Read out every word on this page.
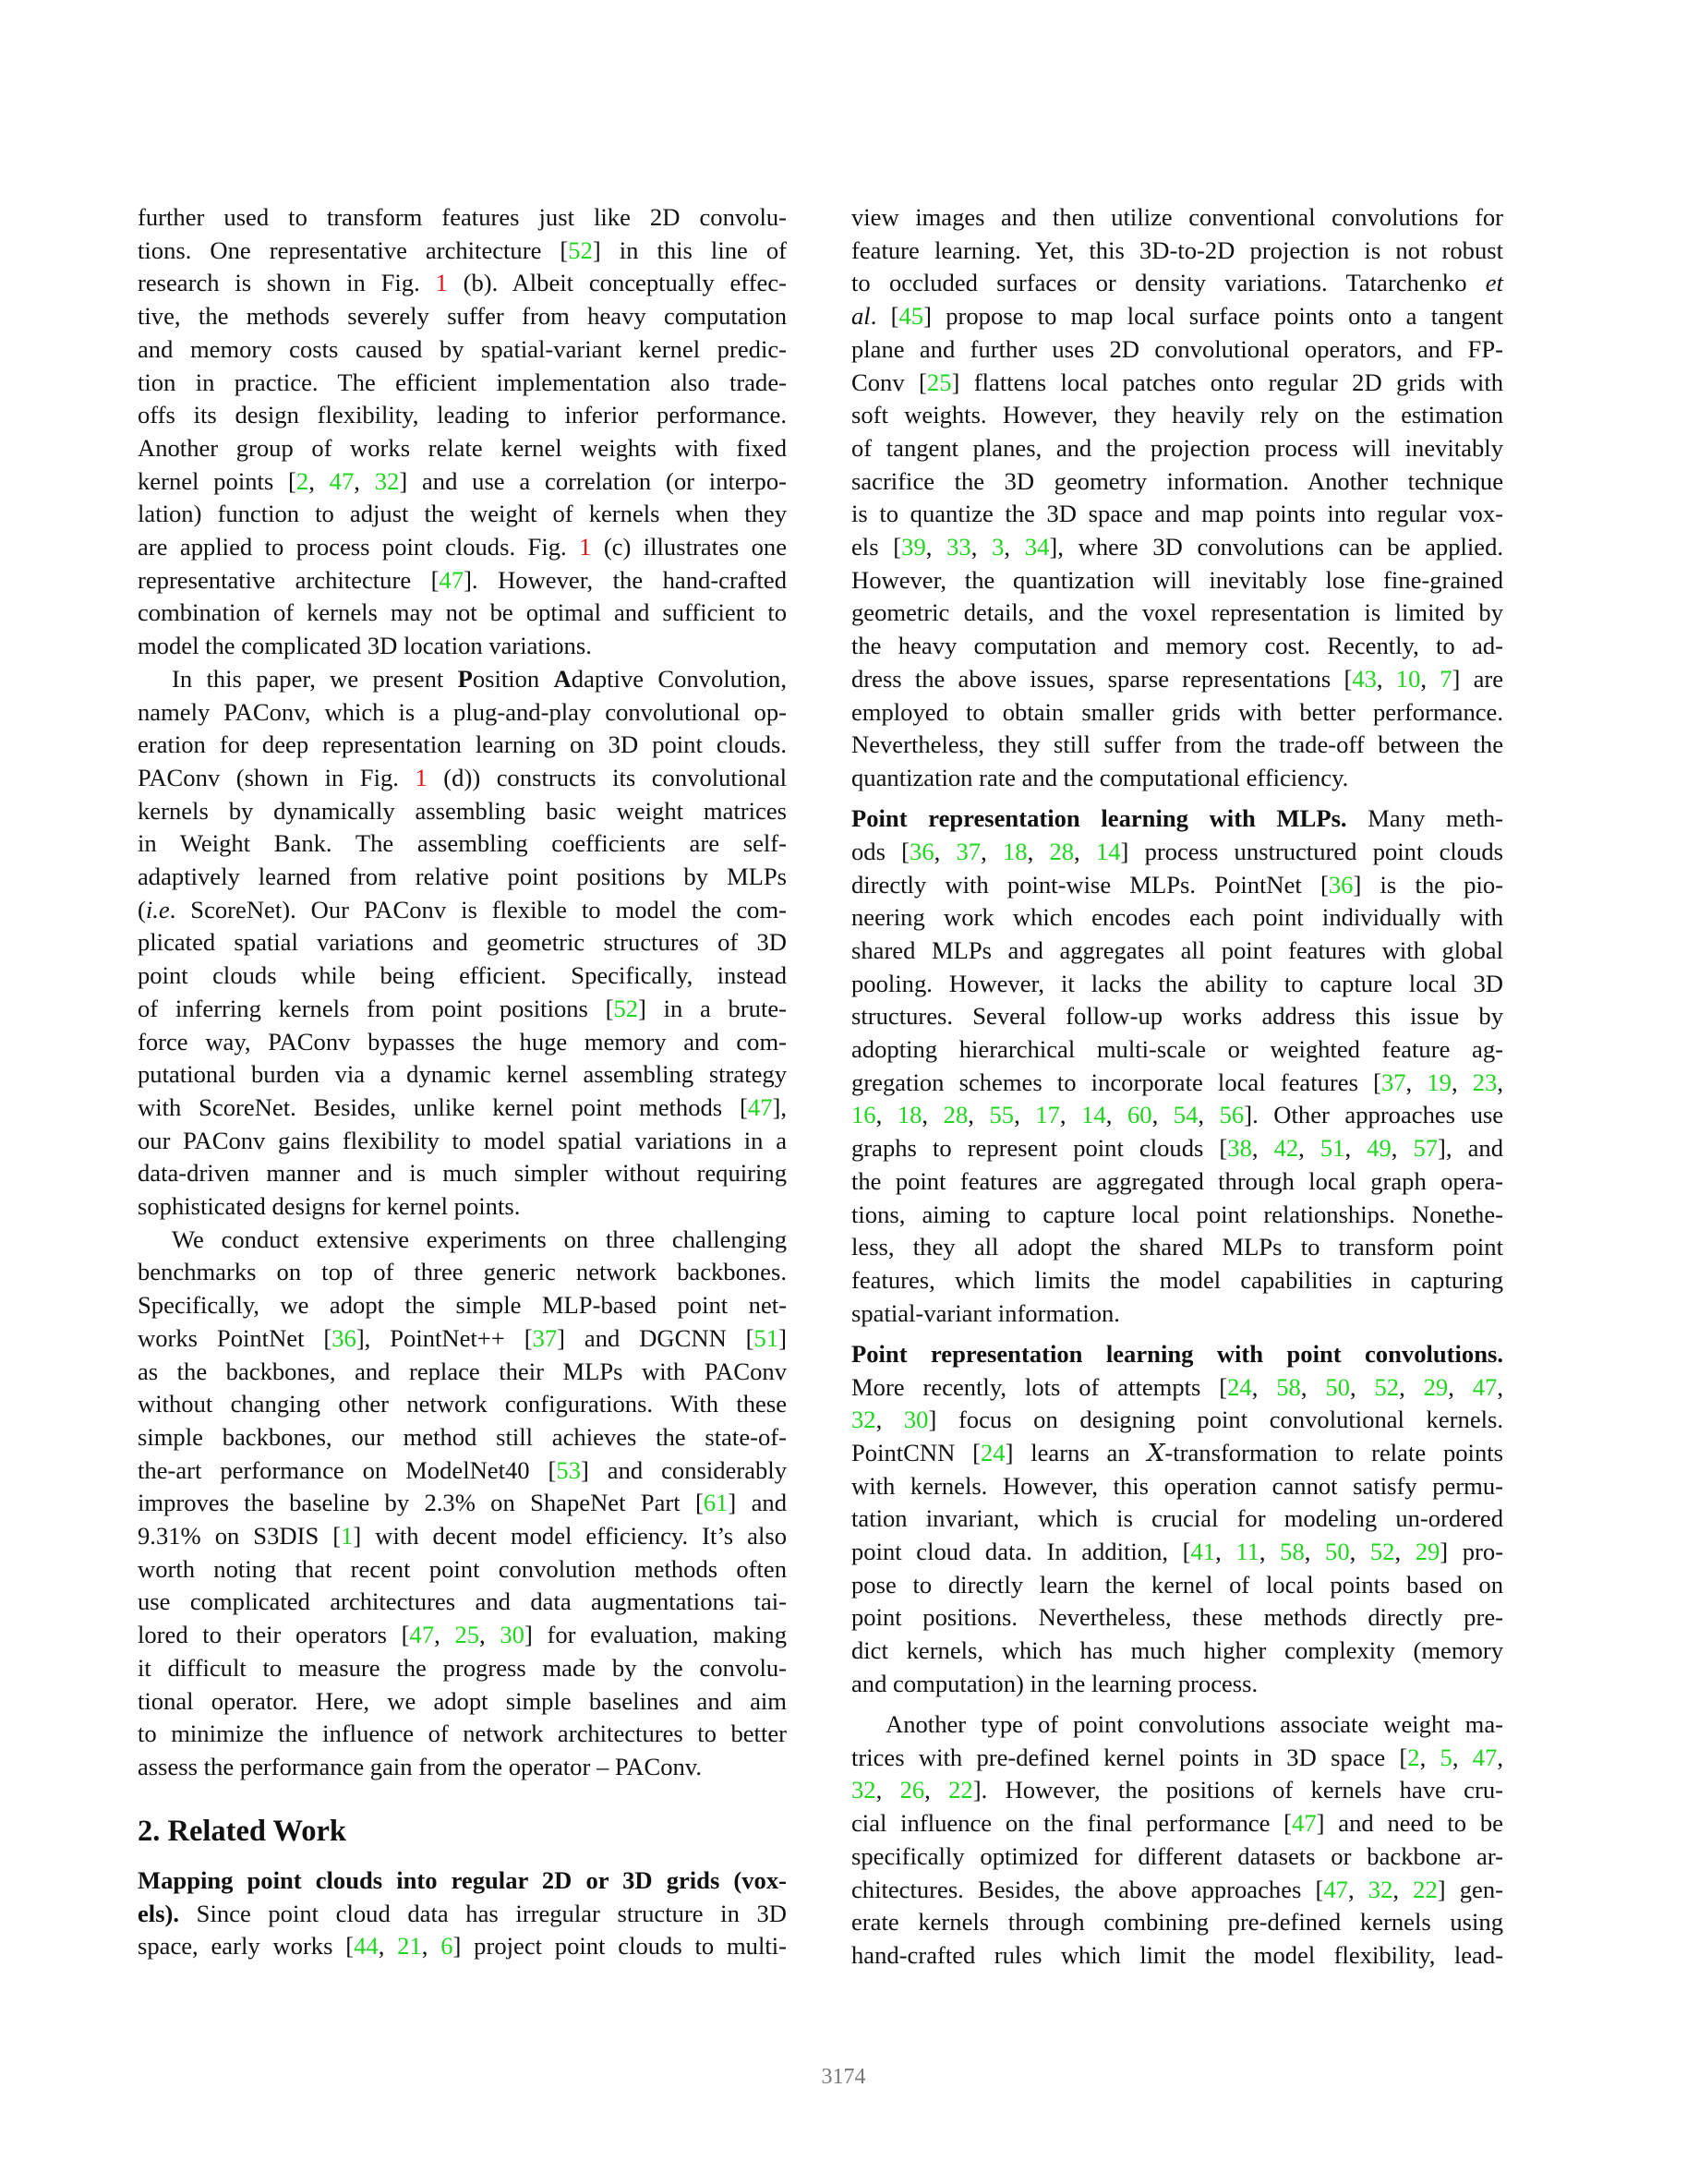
further used to transform features just like 2D convolu-
tions. One representative architecture [52] in this line of
research is shown in Fig. 1 (b). Albeit conceptually effec-
tive, the methods severely suffer from heavy computation
and memory costs caused by spatial-variant kernel predic-
tion in practice. The efficient implementation also trade-
offs its design flexibility, leading to inferior performance.
Another group of works relate kernel weights with fixed
kernel points [2, 47, 32] and use a correlation (or interpo-
lation) function to adjust the weight of kernels when they
are applied to process point clouds. Fig. 1 (c) illustrates one
representative architecture [47]. However, the hand-crafted
combination of kernels may not be optimal and sufficient to
model the complicated 3D location variations.
In this paper, we present Position Adaptive Convolution,
namely PAConv, which is a plug-and-play convolutional op-
eration for deep representation learning on 3D point clouds.
PAConv (shown in Fig. 1 (d)) constructs its convolutional
kernels by dynamically assembling basic weight matrices
in Weight Bank. The assembling coefficients are self-
adaptively learned from relative point positions by MLPs
(i.e. ScoreNet). Our PAConv is flexible to model the com-
plicated spatial variations and geometric structures of 3D
point clouds while being efficient. Specifically, instead
of inferring kernels from point positions [52] in a brute-
force way, PAConv bypasses the huge memory and com-
putational burden via a dynamic kernel assembling strategy
with ScoreNet. Besides, unlike kernel point methods [47],
our PAConv gains flexibility to model spatial variations in a
data-driven manner and is much simpler without requiring
sophisticated designs for kernel points.
We conduct extensive experiments on three challenging
benchmarks on top of three generic network backbones.
Specifically, we adopt the simple MLP-based point net-
works PointNet [36], PointNet++ [37] and DGCNN [51]
as the backbones, and replace their MLPs with PAConv
without changing other network configurations. With these
simple backbones, our method still achieves the state-of-
the-art performance on ModelNet40 [53] and considerably
improves the baseline by 2.3% on ShapeNet Part [61] and
9.31% on S3DIS [1] with decent model efficiency. It’s also
worth noting that recent point convolution methods often
use complicated architectures and data augmentations tai-
lored to their operators [47, 25, 30] for evaluation, making
it difficult to measure the progress made by the convolu-
tional operator. Here, we adopt simple baselines and aim
to minimize the influence of network architectures to better
assess the performance gain from the operator – PAConv.
Mapping point clouds into regular 2D or 3D grids (vox-
els). Since point cloud data has irregular structure in 3D
space, early works [44, 21, 6] project point clouds to multi-
2. Related Work
view images and then utilize conventional convolutions for
feature learning. Yet, this 3D-to-2D projection is not robust
to occluded surfaces or density variations. Tatarchenko et
al. [45] propose to map local surface points onto a tangent
plane and further uses 2D convolutional operators, and FP-
Conv [25] flattens local patches onto regular 2D grids with
soft weights. However, they heavily rely on the estimation
of tangent planes, and the projection process will inevitably
sacrifice the 3D geometry information. Another technique
is to quantize the 3D space and map points into regular vox-
els [39, 33, 3, 34], where 3D convolutions can be applied.
However, the quantization will inevitably lose fine-grained
geometric details, and the voxel representation is limited by
the heavy computation and memory cost. Recently, to ad-
dress the above issues, sparse representations [43, 10, 7] are
employed to obtain smaller grids with better performance.
Nevertheless, they still suffer from the trade-off between the
quantization rate and the computational efficiency.
Point representation learning with MLPs. Many meth-
ods [36, 37, 18, 28, 14] process unstructured point clouds
directly with point-wise MLPs. PointNet [36] is the pio-
neering work which encodes each point individually with
shared MLPs and aggregates all point features with global
pooling. However, it lacks the ability to capture local 3D
structures. Several follow-up works address this issue by
adopting hierarchical multi-scale or weighted feature ag-
gregation schemes to incorporate local features [37, 19, 23,
16, 18, 28, 55, 17, 14, 60, 54, 56]. Other approaches use
graphs to represent point clouds [38, 42, 51, 49, 57], and
the point features are aggregated through local graph opera-
tions, aiming to capture local point relationships. Nonethe-
less, they all adopt the shared MLPs to transform point
features, which limits the model capabilities in capturing
spatial-variant information.
Point representation learning with point convolutions.
More recently, lots of attempts [24, 58, 50, 52, 29, 47,
32, 30] focus on designing point convolutional kernels.
PointCNN [24] learns an X-transformation to relate points
with kernels. However, this operation cannot satisfy permu-
tation invariant, which is crucial for modeling un-ordered
point cloud data. In addition, [41, 11, 58, 50, 52, 29] pro-
pose to directly learn the kernel of local points based on
point positions. Nevertheless, these methods directly pre-
dict kernels, which has much higher complexity (memory
and computation) in the learning process.
Another type of point convolutions associate weight ma-
trices with pre-defined kernel points in 3D space [2, 5, 47,
32, 26, 22]. However, the positions of kernels have cru-
cial influence on the final performance [47] and need to be
specifically optimized for different datasets or backbone ar-
chitectures. Besides, the above approaches [47, 32, 22] gen-
erate kernels through combining pre-defined kernels using
hand-crafted rules which limit the model flexibility, lead-
3174
